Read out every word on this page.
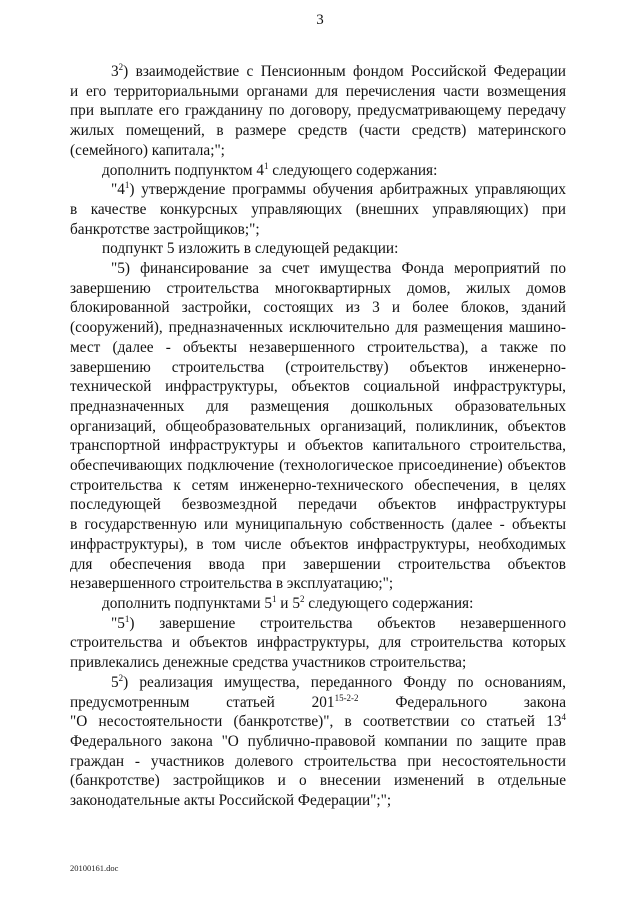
3

$3^2$) взаимодействие с Пенсионным фондом Российской Федерации

и его территориальными органами для перечисления части возмещения

при выплате его гражданину по договору, предусматривающему передачу

жилых помещений, в размере средств (части средств) материнского

(семейного) капитала;";

дополнить подпунктом $4^1$ следующего содержания:

"$4^1$) утверждение программы обучения арбитражных управляющих

в качестве конкурсных управляющих (внешних управляющих) при

банкротстве застройщиков;";

подпункт 5 изложить в следующей редакции:

"5) финансирование за счет имущества Фонда мероприятий по

завершению строительства многоквартирных домов, жилых домов

блокированной застройки, состоящих из 3 и более блоков, зданий

(сооружений), предназначенных исключительно для размещения машино-

мест (далее - объекты незавершенного строительства), а также по

завершению строительства (строительству) объектов инженерно-

технической инфраструктуры, объектов социальной инфраструктуры,

предназначенных для размещения дошкольных образовательных

организаций, общеобразовательных организаций, поликлиник, объектов

транспортной инфраструктуры и объектов капитального строительства,

обеспечивающих подключение (технологическое присоединение) объектов

строительства к сетям инженерно-технического обеспечения, в целях

последующей безвозмездной передачи объектов инфраструктуры

в государственную или муниципальную собственность (далее - объекты

инфраструктуры), в том числе объектов инфраструктуры, необходимых

для обеспечения ввода при завершении строительства объектов

незавершенного строительства в эксплуатацию;";

дополнить подпунктами $5^1$ и $5^2$ следующего содержания:

"$5^1$) завершение строительства объектов незавершенного

строительства и объектов инфраструктуры, для строительства которых

привлекались денежные средства участников строительства;

$5^2$) реализация имущества, переданного Фонду по основаниям,

предусмотренным статьей 201$^{15-2-2}$ Федерального закона

"О несостоятельности (банкротстве)", в соответствии со статьей $13^4$

Федерального закона "О публично-правовой компании по защите прав

граждан - участников долевого строительства при несостоятельности

(банкротстве) застройщиков и о внесении изменений в отдельные

законодательные акты Российской Федерации";";

20100161.doc
